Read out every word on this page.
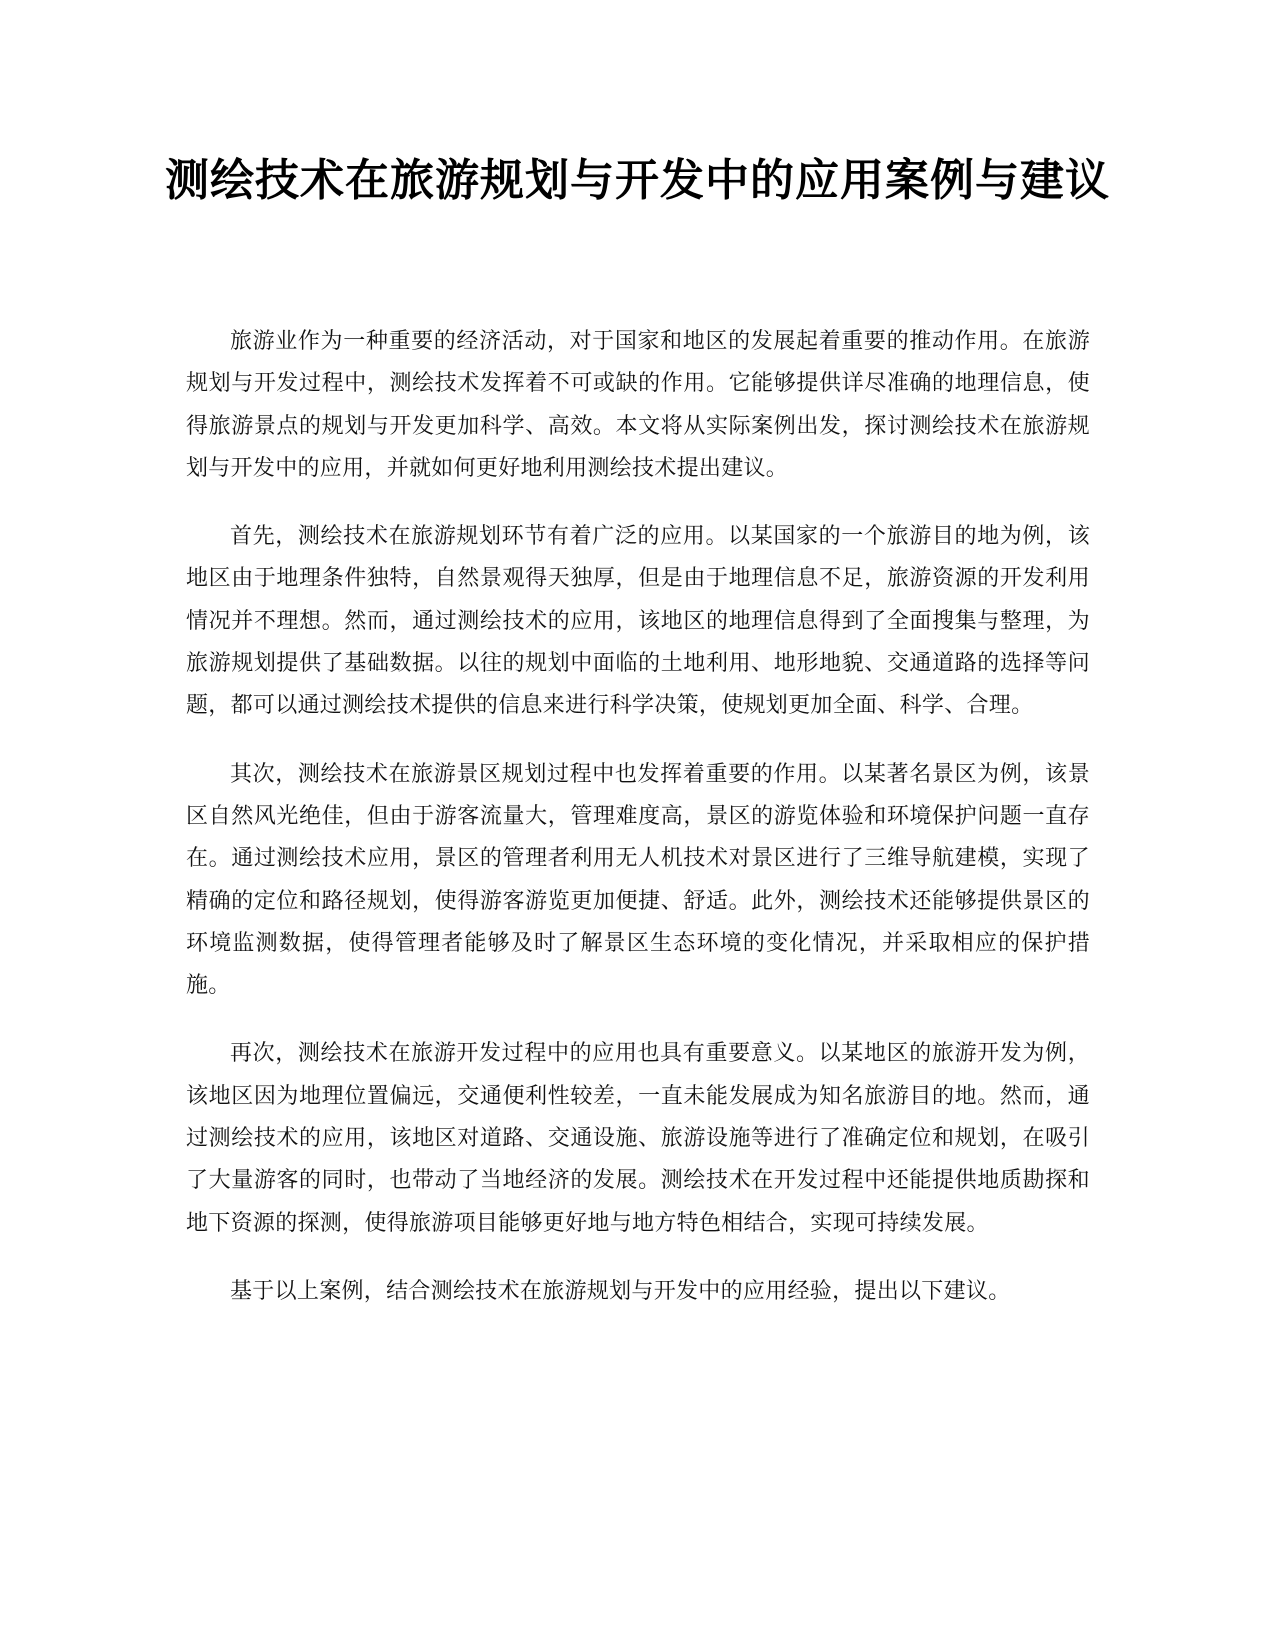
测绘技术在旅游规划与开发中的应用案例与建议

旅游业作为一种重要的经济活动，对于国家和地区的发展起着重要的推动作用。在旅游规划与开发过程中，测绘技术发挥着不可或缺的作用。它能够提供详尽准确的地理信息，使得旅游景点的规划与开发更加科学、高效。本文将从实际案例出发，探讨测绘技术在旅游规划与开发中的应用，并就如何更好地利用测绘技术提出建议。

首先，测绘技术在旅游规划环节有着广泛的应用。以某国家的一个旅游目的地为例，该地区由于地理条件独特，自然景观得天独厚，但是由于地理信息不足，旅游资源的开发利用情况并不理想。然而，通过测绘技术的应用，该地区的地理信息得到了全面搜集与整理，为旅游规划提供了基础数据。以往的规划中面临的土地利用、地形地貌、交通道路的选择等问题，都可以通过测绘技术提供的信息来进行科学决策，使规划更加全面、科学、合理。

其次，测绘技术在旅游景区规划过程中也发挥着重要的作用。以某著名景区为例，该景区自然风光绝佳，但由于游客流量大，管理难度高，景区的游览体验和环境保护问题一直存在。通过测绘技术应用，景区的管理者利用无人机技术对景区进行了三维导航建模，实现了精确的定位和路径规划，使得游客游览更加便捷、舒适。此外，测绘技术还能够提供景区的环境监测数据，使得管理者能够及时了解景区生态环境的变化情况，并采取相应的保护措施。

再次，测绘技术在旅游开发过程中的应用也具有重要意义。以某地区的旅游开发为例，该地区因为地理位置偏远，交通便利性较差，一直未能发展成为知名旅游目的地。然而，通过测绘技术的应用，该地区对道路、交通设施、旅游设施等进行了准确定位和规划，在吸引了大量游客的同时，也带动了当地经济的发展。测绘技术在开发过程中还能提供地质勘探和地下资源的探测，使得旅游项目能够更好地与地方特色相结合，实现可持续发展。

基于以上案例，结合测绘技术在旅游规划与开发中的应用经验，提出以下建议。
